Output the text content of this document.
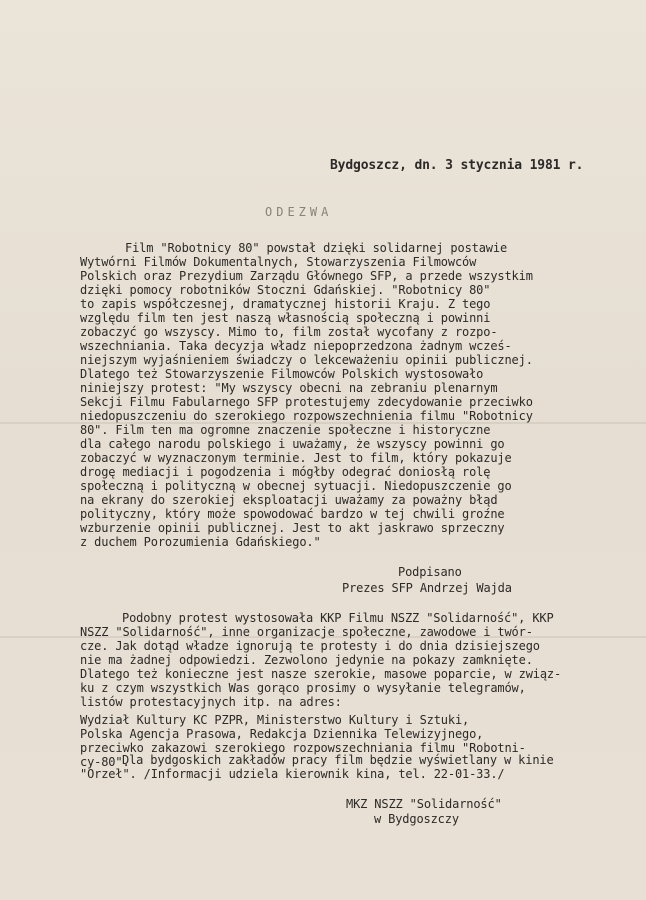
Bydgoszcz, dn. 3 stycznia 1981 r.
ODEZWA
Film "Robotnicy 80" powstał dzięki solidarnej postawie
Wytwórni Filmów Dokumentalnych, Stowarzyszenia Filmowców
Polskich oraz Prezydium Zarządu Głównego SFP, a przede wszystkim
dzięki pomocy robotników Stoczni Gdańskiej. "Robotnicy 80"
to zapis współczesnej, dramatycznej historii Kraju. Z tego
względu film ten jest naszą własnością społeczną i powinni
zobaczyć go wszyscy. Mimo to, film został wycofany z rozpo-
wszechniania. Taka decyzja władz niepoprzedzona żadnym wcześ-
niejszym wyjaśnieniem świadczy o lekceważeniu opinii publicznej.
Dlatego też Stowarzyszenie Filmowców Polskich wystosowało
niniejszy protest: "My wszyscy obecni na zebraniu plenarnym
Sekcji Filmu Fabularnego SFP protestujemy zdecydowanie przeciwko
niedopuszczeniu do szerokiego rozpowszechnienia filmu "Robotnicy
80". Film ten ma ogromne znaczenie społeczne i historyczne
dla całego narodu polskiego i uważamy, że wszyscy powinni go
zobaczyć w wyznaczonym terminie. Jest to film, który pokazuje
drogę mediacji i pogodzenia i mógłby odegrać doniosłą rolę
społeczną i polityczną w obecnej sytuacji. Niedopuszczenie go
na ekrany do szerokiej eksploatacji uważamy za poważny błąd
polityczny, który może spowodować bardzo w tej chwili groźne
wzburzenie opinii publicznej. Jest to akt jaskrawo sprzeczny
z duchem Porozumienia Gdańskiego."
Podpisano
Prezes SFP Andrzej Wajda
Podobny protest wystosowała KKP Filmu NSZZ "Solidarność", KKP
NSZZ "Solidarność", inne organizacje społeczne, zawodowe i twór-
cze. Jak dotąd władze ignorują te protesty i do dnia dzisiejszego
nie ma żadnej odpowiedzi. Zezwolono jedynie na pokazy zamknięte.
Dlatego też konieczne jest nasze szerokie, masowe poparcie, w związ-
ku z czym wszystkich Was gorąco prosimy o wysyłanie telegramów,
listów protestacyjnych itp. na adres:
Wydział Kultury KC PZPR, Ministerstwo Kultury i Sztuki,
Polska Agencja Prasowa, Redakcja Dziennika Telewizyjnego,
przeciwko zakazowi szerokiego rozpowszechniania filmu "Robotni-
cy-80".
Dla bydgoskich zakładów pracy film będzie wyświetlany w kinie
"Orzeł". /Informacji udziela kierownik kina, tel. 22-01-33./
MKZ NSZZ "Solidarność"
w Bydgoszczy
